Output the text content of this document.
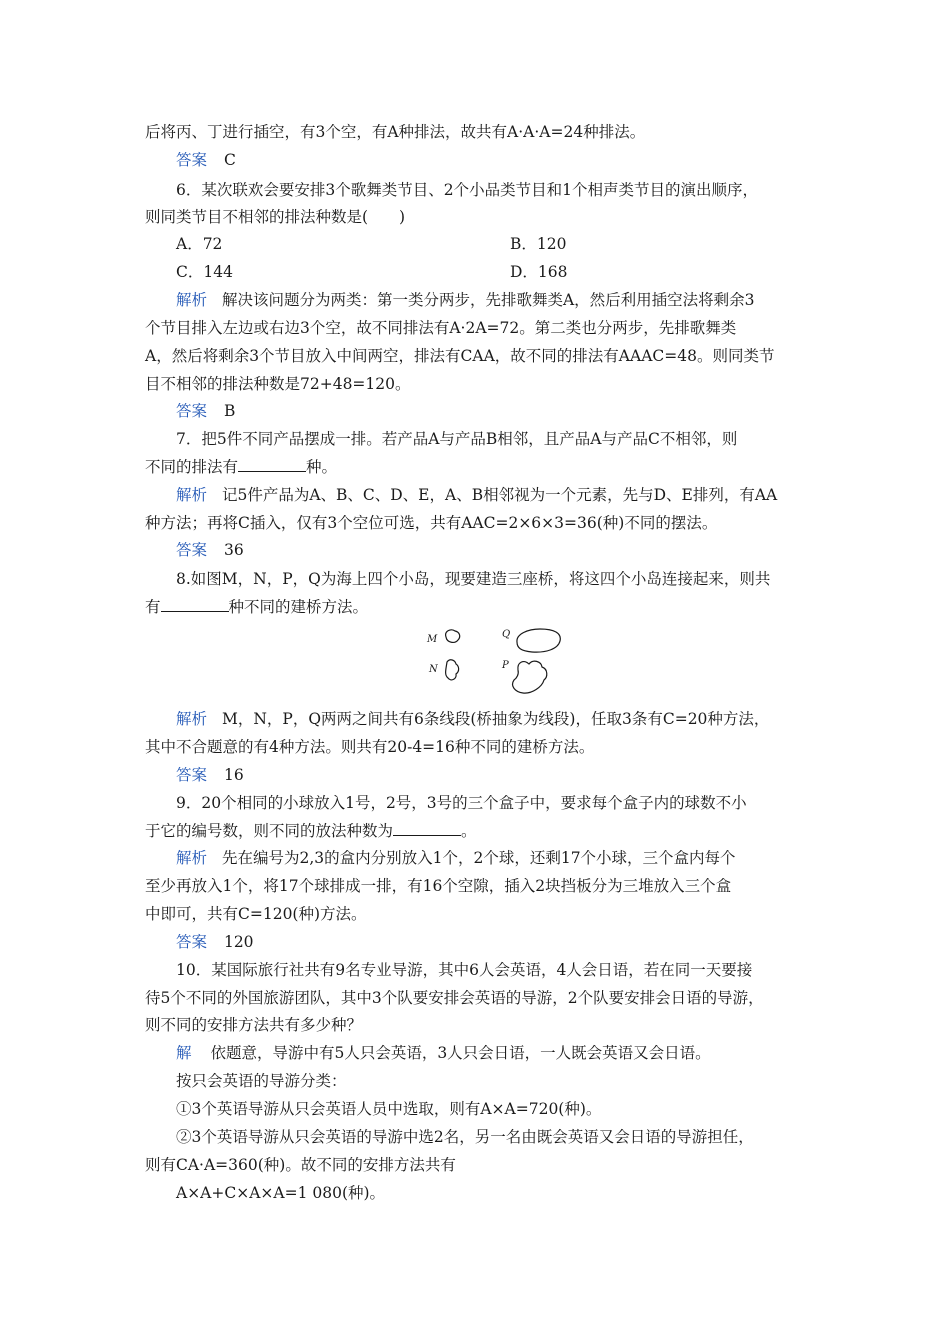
后将丙、丁进行插空，有3个空，有A种排法，故共有A·A·A=24种排法。
答案 C
6．某次联欢会要安排3个歌舞类节目、2个小品类节目和1个相声类节目的演出顺序，
则同类节目不相邻的排法种数是(　　)
A．72	B．120
C．144	D．168
解析 解决该问题分为两类：第一类分两步，先排歌舞类A，然后利用插空法将剩余3
个节目排入左边或右边3个空，故不同排法有A·2A=72。第二类也分两步，先排歌舞类
A，然后将剩余3个节目放入中间两空，排法有CAA，故不同的排法有AAAC=48。则同类节
目不相邻的排法种数是72+48=120。
答案 B
7．把5件不同产品摆成一排。若产品A与产品B相邻，且产品A与产品C不相邻，则
不同的排法有	种。
解析 记5件产品为A、B、C、D、E，A、B相邻视为一个元素，先与D、E排列，有AA
种方法；再将C插入，仅有3个空位可选，共有AAC=2×6×3=36(种)不同的摆法。
答案 36
8.如图M，N，P，Q为海上四个小岛，现要建造三座桥，将这四个小岛连接起来，则共
有	种不同的建桥方法。
M
N
Q
P
解析 M，N，P，Q两两之间共有6条线段(桥抽象为线段)，任取3条有C=20种方法，
其中不合题意的有4种方法。则共有20-4=16种不同的建桥方法。
答案 16
9．20个相同的小球放入1号，2号，3号的三个盒子中，要求每个盒子内的球数不小
于它的编号数，则不同的放法种数为	。
解析 先在编号为2,3的盒内分别放入1个，2个球，还剩17个小球，三个盒内每个
至少再放入1个，将17个球排成一排，有16个空隙，插入2块挡板分为三堆放入三个盒
中即可，共有C=120(种)方法。
答案 120
10．某国际旅行社共有9名专业导游，其中6人会英语，4人会日语，若在同一天要接
待5个不同的外国旅游团队，其中3个队要安排会英语的导游，2个队要安排会日语的导游，
则不同的安排方法共有多少种？
解 依题意，导游中有5人只会英语，3人只会日语，一人既会英语又会日语。
按只会英语的导游分类：
①3个英语导游从只会英语人员中选取，则有A×A=720(种)。
②3个英语导游从只会英语的导游中选2名，另一名由既会英语又会日语的导游担任，
则有CA·A=360(种)。故不同的安排方法共有
A×A+C×A×A=1 080(种)。
